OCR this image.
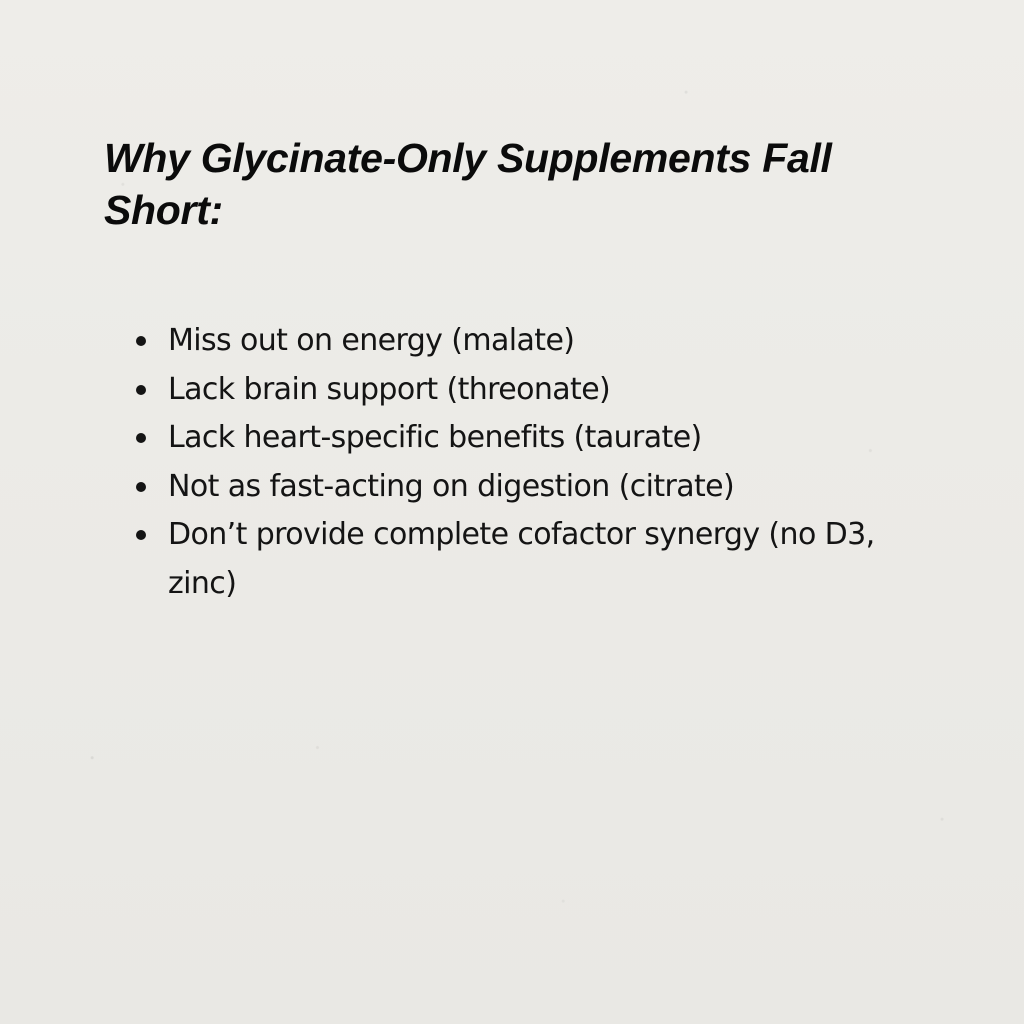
Why Glycinate-Only Supplements Fall Short:
Miss out on energy (malate)
Lack brain support (threonate)
Lack heart-specific benefits (taurate)
Not as fast-acting on digestion (citrate)
Don’t provide complete cofactor synergy (no D3, zinc)
